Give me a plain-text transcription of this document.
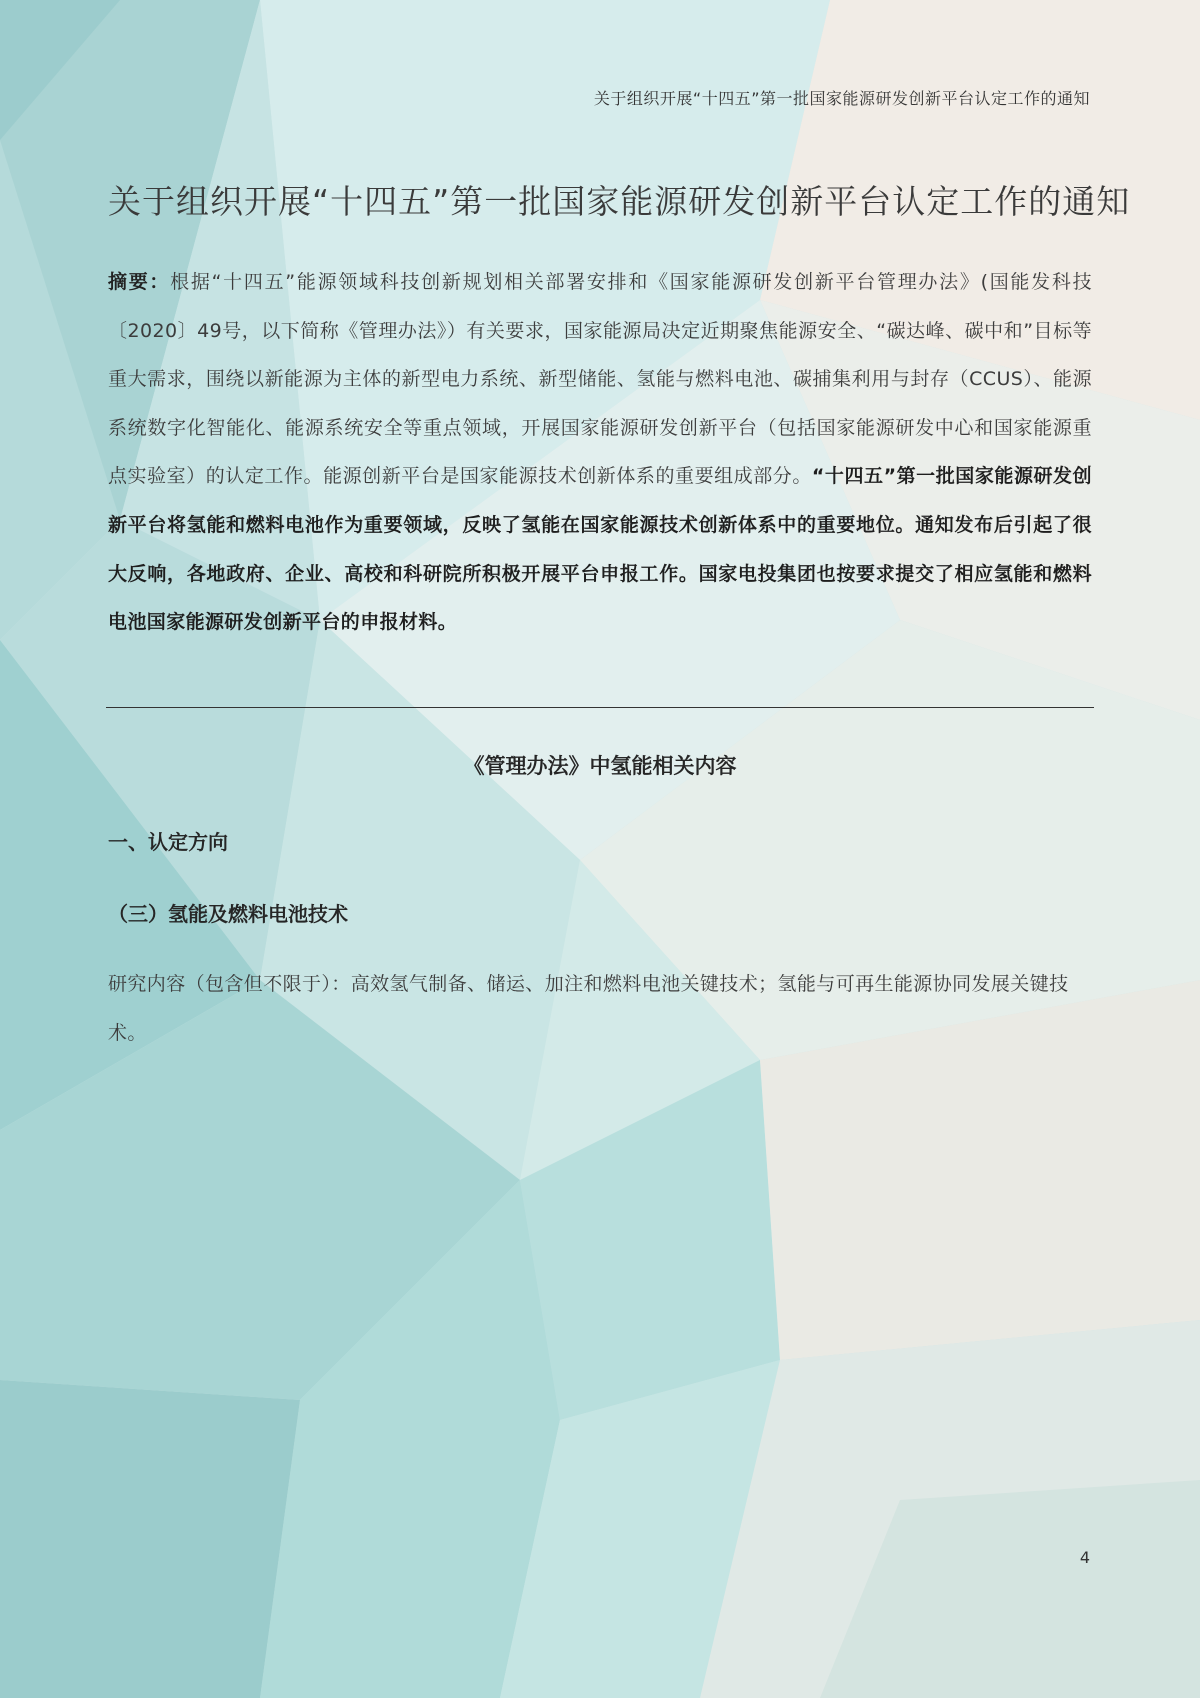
关于组织开展“十四五”第一批国家能源研发创新平台认定工作的通知
关于组织开展“十四五”第一批国家能源研发创新平台认定工作的通知
摘要：根据“十四五”能源领域科技创新规划相关部署安排和《国家能源研发创新平台管理办法》(国能发科技〔2020〕49号，以下简称《管理办法》）有关要求，国家能源局决定近期聚焦能源安全、“碳达峰、碳中和”目标等重大需求，围绕以新能源为主体的新型电力系统、新型储能、氢能与燃料电池、碳捕集利用与封存（CCUS）、能源系统数字化智能化、能源系统安全等重点领域，开展国家能源研发创新平台（包括国家能源研发中心和国家能源重点实验室）的认定工作。能源创新平台是国家能源技术创新体系的重要组成部分。“十四五”第一批国家能源研发创新平台将氢能和燃料电池作为重要领域，反映了氢能在国家能源技术创新体系中的重要地位。通知发布后引起了很大反响，各地政府、企业、高校和科研院所积极开展平台申报工作。国家电投集团也按要求提交了相应氢能和燃料电池国家能源研发创新平台的申报材料。
《管理办法》中氢能相关内容
一、认定方向
（三）氢能及燃料电池技术
研究内容（包含但不限于）：高效氢气制备、储运、加注和燃料电池关键技术；氢能与可再生能源协同发展关键技术。
4
